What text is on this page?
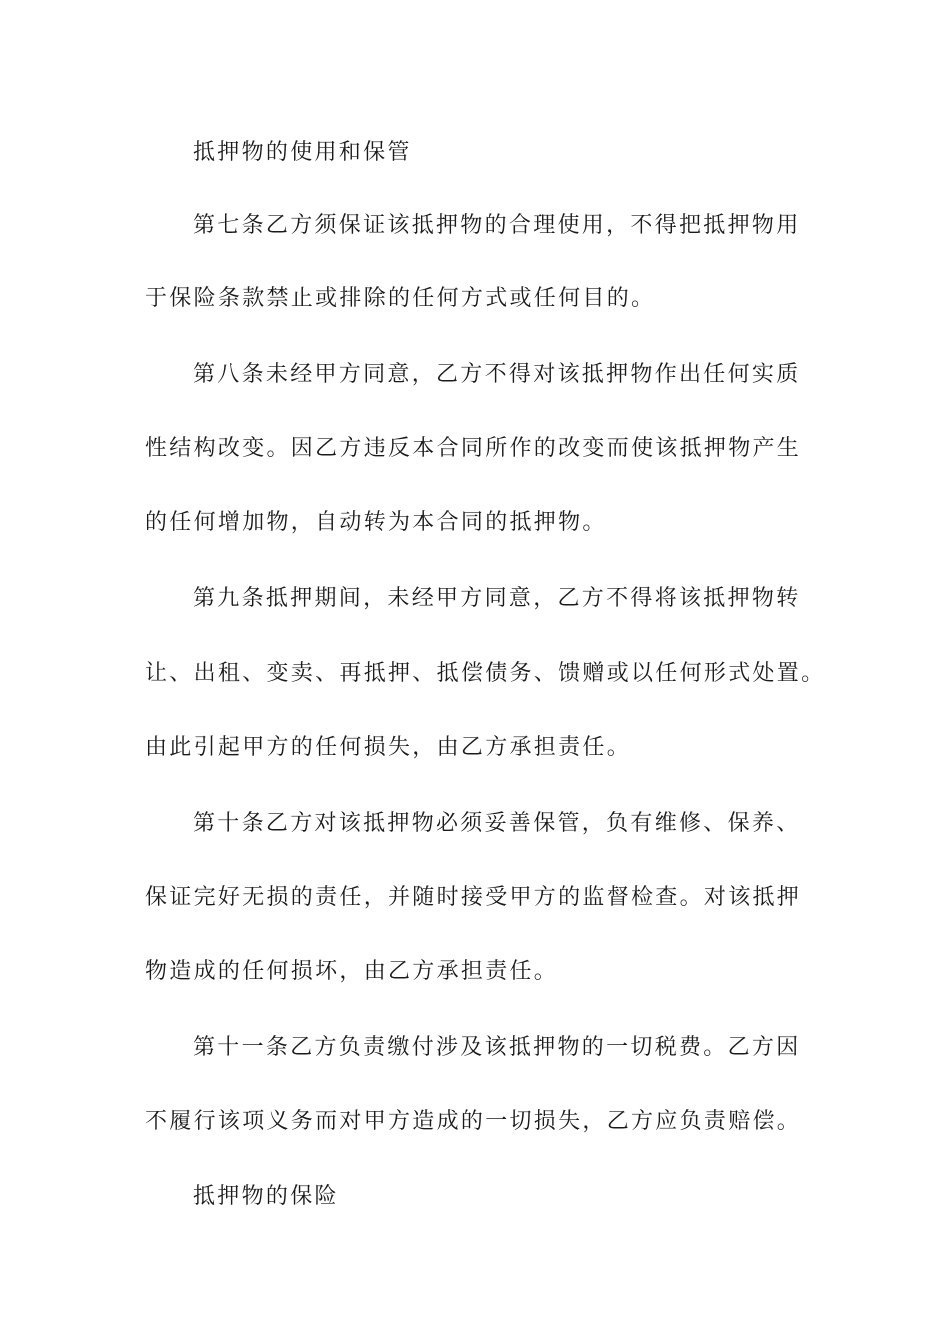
抵押物的使用和保管
第七条乙方须保证该抵押物的合理使用，不得把抵押物用
于保险条款禁止或排除的任何方式或任何目的。
第八条未经甲方同意，乙方不得对该抵押物作出任何实质
性结构改变。因乙方违反本合同所作的改变而使该抵押物产生
的任何增加物，自动转为本合同的抵押物。
第九条抵押期间，未经甲方同意，乙方不得将该抵押物转
让、出租、变卖、再抵押、抵偿债务、馈赠或以任何形式处置。
由此引起甲方的任何损失，由乙方承担责任。
第十条乙方对该抵押物必须妥善保管，负有维修、保养、
保证完好无损的责任，并随时接受甲方的监督检查。对该抵押
物造成的任何损坏，由乙方承担责任。
第十一条乙方负责缴付涉及该抵押物的一切税费。乙方因
不履行该项义务而对甲方造成的一切损失，乙方应负责赔偿。
抵押物的保险
